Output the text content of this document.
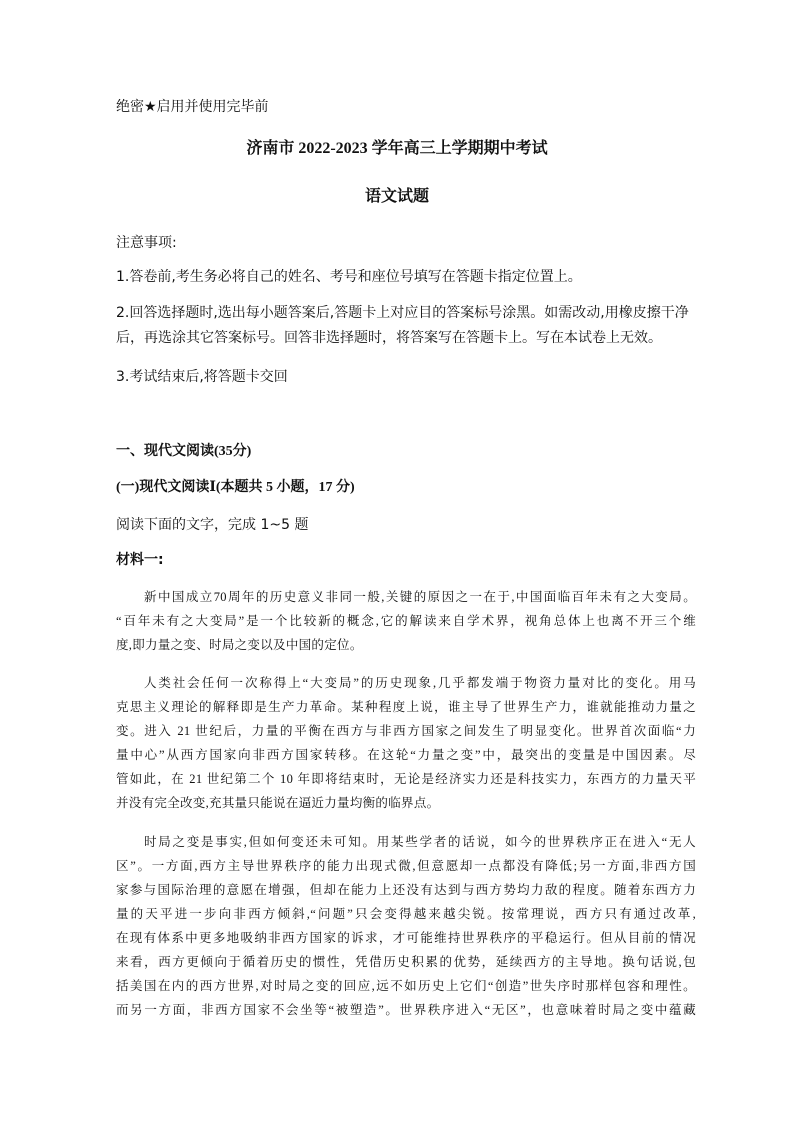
绝密★启用并使用完毕前
济南市 2022-2023 学年高三上学期期中考试
语文试题
注意事项:
1.答卷前,考生务必将自己的姓名、考号和座位号填写在答题卡指定位置上。
2.回答选择题时,选出每小题答案后,答题卡上对应目的答案标号涂黑。如需改动,用橡皮擦干净
后，再选涂其它答案标号。回答非选择题时，将答案写在答题卡上。写在本试卷上无效。
3.考试结束后,将答题卡交回
一、现代文阅读(35分)
(一)现代文阅读Ⅰ(本题共 5 小题，17 分)
阅读下面的文字，完成 1~5 题
材料一:
新中国成立70周年的历史意义非同一般,关键的原因之一在于,中国面临百年未有之大变局。
“百年未有之大变局”是一个比较新的概念,它的解读来自学术界，视角总体上也离不开三个维
度,即力量之变、时局之变以及中国的定位。
人类社会任何一次称得上“大变局”的历史现象,几乎都发端于物资力量对比的变化。用马
克思主义理论的解释即是生产力革命。某种程度上说，谁主导了世界生产力，谁就能推动力量之
变。进入 21 世纪后，力量的平衡在西方与非西方国家之间发生了明显变化。世界首次面临“力
量中心”从西方国家向非西方国家转移。在这轮“力量之变”中，最突出的变量是中国因素。尽
管如此，在 21 世纪第二个 10 年即将结束时，无论是经济实力还是科技实力，东西方的力量天平
并没有完全改变,充其量只能说在逼近力量均衡的临界点。
时局之变是事实,但如何变还未可知。用某些学者的话说，如今的世界秩序正在进入“无人
区”。一方面,西方主导世界秩序的能力出现式微,但意愿却一点都没有降低;另一方面,非西方国
家参与国际治理的意愿在增强，但却在能力上还没有达到与西方势均力敌的程度。随着东西方力
量的天平进一步向非西方倾斜,“问题”只会变得越来越尖锐。按常理说，西方只有通过改革,
在现有体系中更多地吸纳非西方国家的诉求，才可能维持世界秩序的平稳运行。但从目前的情况
来看，西方更倾向于循着历史的惯性，凭借历史积累的优势，延续西方的主导地。换句话说,包
括美国在内的西方世界,对时局之变的回应,远不如历史上它们“创造”世失序时那样包容和理性。
而另一方面，非西方国家不会坐等“被塑造”。世界秩序进入“无区”，也意味着时局之变中蕴藏
